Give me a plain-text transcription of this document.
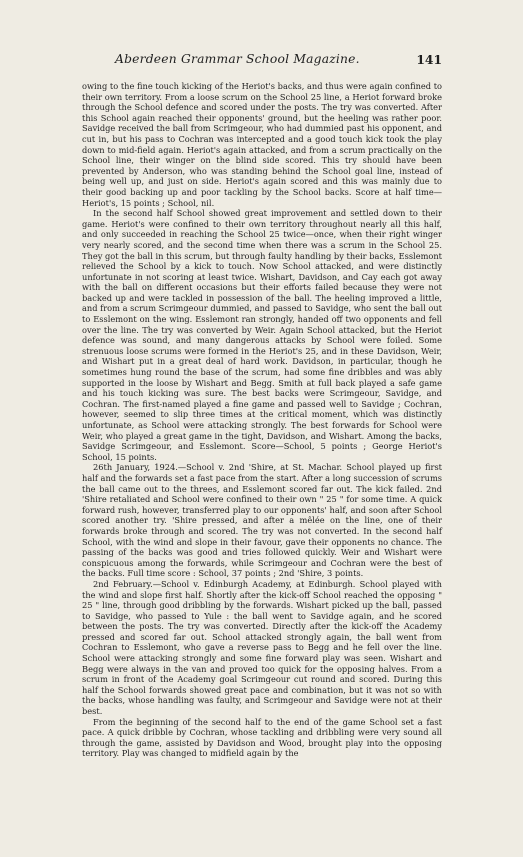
Aberdeen Grammar School Magazine.	141

owing to the fine touch kicking of the Heriot's backs, and thus were again confined to their own territory. From a loose scrum on the School 25 line, a Heriot forward broke through the School defence and scored under the posts. The try was converted. After this School again reached their opponents' ground, but the heeling was rather poor. Savidge received the ball from Scrimgeour, who had dummied past his opponent, and cut in, but his pass to Cochran was intercepted and a good touch kick took the play down to mid-field again. Heriot's again attacked, and from a scrum practically on the School line, their winger on the blind side scored. This try should have been prevented by Anderson, who was standing behind the School goal line, instead of being well up, and just on side. Heriot's again scored and this was mainly due to their good backing up and poor tackling by the School backs. Score at half time—Heriot's, 15 points ; School, nil.

In the second half School showed great improvement and settled down to their game. Heriot's were confined to their own territory throughout nearly all this half, and only succeeded in reaching the School 25 twice—once, when their right winger very nearly scored, and the second time when there was a scrum in the School 25. They got the ball in this scrum, but through faulty handling by their backs, Esslemont relieved the School by a kick to touch. Now School attacked, and were distinctly unfortunate in not scoring at least twice. Wishart, Davidson, and Cay each got away with the ball on different occasions but their efforts failed because they were not backed up and were tackled in possession of the ball. The heeling improved a little, and from a scrum Scrimgeour dummied, and passed to Savidge, who sent the ball out to Esslemont on the wing. Esslemont ran strongly, handed off two opponents and fell over the line. The try was converted by Weir. Again School attacked, but the Heriot defence was sound, and many dangerous attacks by School were foiled. Some strenuous loose scrums were formed in the Heriot's 25, and in these Davidson, Weir, and Wishart put in a great deal of hard work. Davidson, in particular, though he sometimes hung round the base of the scrum, had some fine dribbles and was ably supported in the loose by Wishart and Begg. Smith at full back played a safe game and his touch kicking was sure. The best backs were Scrimgeour, Savidge, and Cochran. The first-named played a fine game and passed well to Savidge ; Cochran, however, seemed to slip three times at the critical moment, which was distinctly unfortunate, as School were attacking strongly. The best forwards for School were Weir, who played a great game in the tight, Davidson, and Wishart. Among the backs, Savidge Scrimgeour, and Esslemont. Score—School, 5 points ; George Heriot's School, 15 points.

26th January, 1924.—School v. 2nd 'Shire, at St. Machar. School played up first half and the forwards set a fast pace from the start. After a long succession of scrums the ball came out to the threes, and Esslemont scored far out. The kick failed. 2nd 'Shire retaliated and School were confined to their own " 25 " for some time. A quick forward rush, however, transferred play to our opponents' half, and soon after School scored another try. 'Shire pressed, and after a mêlée on the line, one of their forwards broke through and scored. The try was not converted. In the second half School, with the wind and slope in their favour, gave their opponents no chance. The passing of the backs was good and tries followed quickly. Weir and Wishart were conspicuous among the forwards, while Scrimgeour and Cochran were the best of the backs. Full time score : School, 37 points ; 2nd 'Shire, 3 points.

2nd February.—School v. Edinburgh Academy, at Edinburgh. School played with the wind and slope first half. Shortly after the kick-off School reached the opposing " 25 " line, through good dribbling by the forwards. Wishart picked up the ball, passed to Savidge, who passed to Yule : the ball went to Savidge again, and he scored between the posts. The try was converted. Directly after the kick-off the Academy pressed and scored far out. School attacked strongly again, the ball went from Cochran to Esslemont, who gave a reverse pass to Begg and he fell over the line. School were attacking strongly and some fine forward play was seen. Wishart and Begg were always in the van and proved too quick for the opposing halves. From a scrum in front of the Academy goal Scrimgeour cut round and scored. During this half the School forwards showed great pace and combination, but it was not so with the backs, whose handling was faulty, and Scrimgeour and Savidge were not at their best.

From the beginning of the second half to the end of the game School set a fast pace. A quick dribble by Cochran, whose tackling and dribbling were very sound all through the game, assisted by Davidson and Wood, brought play into the opposing territory. Play was changed to midfield again by the
